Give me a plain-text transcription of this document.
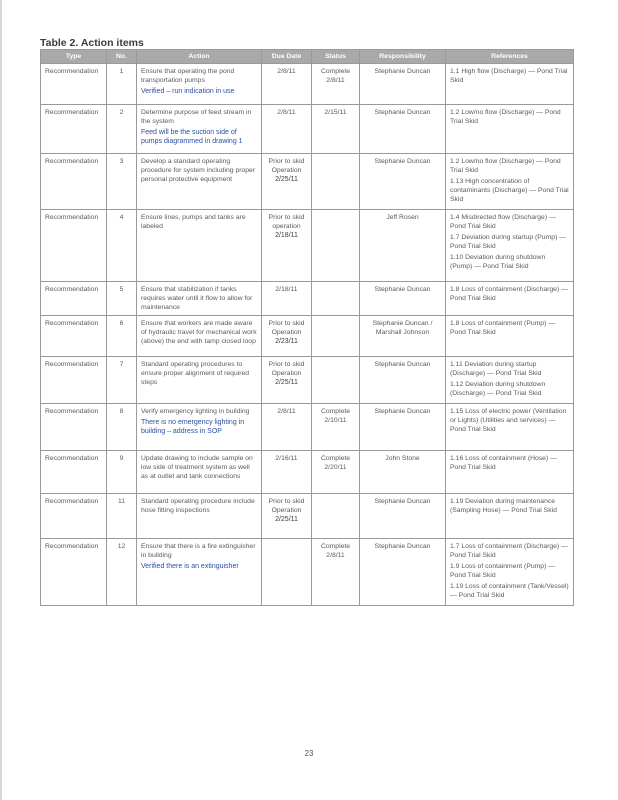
Table 2. Action items
Type	No.	Action	Due Date	Status	Responsibility	References
Recommendation	1	Ensure that operating the pond transportation pumps
Verified – run indication in use	2/8/11	Complete 2/8/11	Stephanie Duncan	1.1 High flow (Discharge) — Pond Trial Skid

Recommendation	2	Determine purpose of feed stream in the system
Feed will be the suction side of pumps diagrammed in drawing 1	2/8/11	2/15/11	Stephanie Duncan	1.2 Low/no flow (Discharge) — Pond Trial Skid

Recommendation	3	Develop a standard operating procedure for system including proper personal protective equipment	Prior to skid Operation
2/25/11		Stephanie Duncan	1.2 Low/no flow (Discharge) — Pond Trial Skid
1.13 High concentration of contaminants (Discharge) — Pond Trial Skid

Recommendation	4	Ensure lines, pumps and tanks are labeled	Prior to skid operation
2/18/11		Jeff Rosen	1.4 Misdirected flow (Discharge) — Pond Trial Skid
1.7 Deviation during startup (Pump) — Pond Trial Skid
1.10 Deviation during shutdown (Pump) — Pond Trial Skid

Recommendation	5	Ensure that stabilization if tanks requires water until it flow to allow for maintenance	2/18/11		Stephanie Duncan	1.8 Loss of containment (Discharge) — Pond Trial Skid

Recommendation	6	Ensure that workers are made aware of hydraulic travel for mechanical work (above) the end with tamp closed loop	Prior to skid Operation
2/23/11		Stephanie Duncan / Marshall Johnson	1.8 Loss of containment (Pump) — Pond Trial Skid

Recommendation	7	Standard operating procedures to ensure proper alignment of required steps	Prior to skid Operation
2/25/11		Stephanie Duncan	1.11 Deviation during startup (Discharge) — Pond Trial Skid
1.12 Deviation during shutdown (Discharge) — Pond Trial Skid

Recommendation	8	Verify emergency lighting in building
There is no emergency lighting in building – address in SOP	2/8/11	Complete 2/10/11	Stephanie Duncan	1.15 Loss of electric power (Ventilation or Lights) (Utilities and services) — Pond Trial Skid

Recommendation	9	Update drawing to include sample on low side of treatment system as well as at outlet and tank connections	2/16/11	Complete 2/20/11	John Stone	1.16 Loss of containment (Hose) — Pond Trial Skid

Recommendation	11	Standard operating procedure include hose fitting inspections	Prior to skid Operation
2/25/11		Stephanie Duncan	1.19 Deviation during maintenance (Sampling Hose) — Pond Trial Skid

Recommendation	12	Ensure that there is a fire extinguisher in building
Verified there is an extinguisher		Complete 2/8/11	Stephanie Duncan	1.7 Loss of containment (Discharge) — Pond Trial Skid
1.9 Loss of containment (Pump) — Pond Trial Skid
1.19 Loss of containment (Tank/Vessel) — Pond Trial Skid
23
